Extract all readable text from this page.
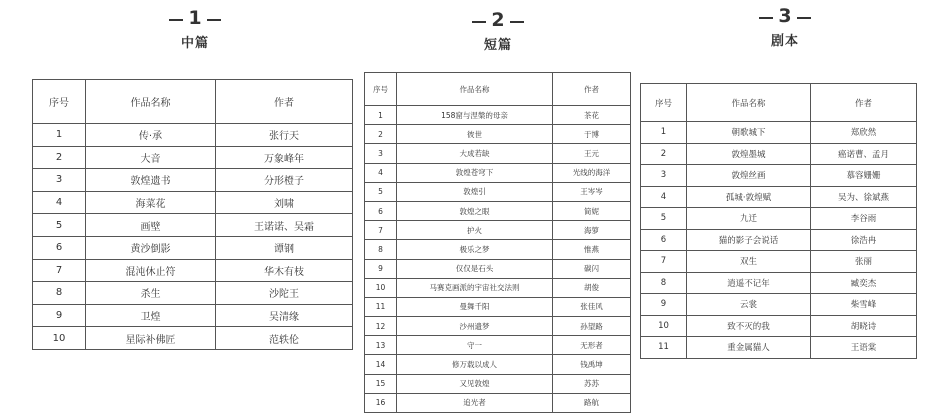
1
中篇
2
短篇
3
剧本
序号	作品名称	作者
1	传·承	张行天
2	大音	万象峰年
3	敦煌遗书	分形橙子
4	海菜花	刘啸
5	画壁	王诺诺、吴霜
6	黄沙倒影	谭钢
7	混沌休止符	华木有枝
8	杀生	沙陀王
9	卫煌	吴清缘
10	星际补佛匠	范轶伦
序号	作品名称	作者
1	158窟与涅槃的母亲	茶花
2	彼世	于博
3	大成若缺	王元
4	敦煌苍穹下	光线的海洋
5	敦煌引	王岑岑
6	敦煌之眼	简妮
7	护火	海箩
8	极乐之梦	惟燕
9	仅仅是石头	碳闪
10	马赛克画派的宇宙社交法则	胡俊
11	曼舞千阳	张佳风
12	沙州遗梦	孙望路
13	守一	无形者
14	修万载以成人	钱禹坤
15	又见敦煌	苏苏
16	追光者	路航
序号	作品名称	作者
1	朝歌城下	郑欣然
2	敦煌墨城	癌诺曹、孟月
3	敦煌丝画	慕容姗姗
4	孤城·敦煌赋	吴为、徐斌燕
5	九迁	李谷雨
6	猫的影子会说话	徐浩冉
7	双生	张丽
8	逍遥不记年	臧奕杰
9	云裳	柴雪峰
10	致不灭的我	胡晓诗
11	重金属猫人	王语棠
